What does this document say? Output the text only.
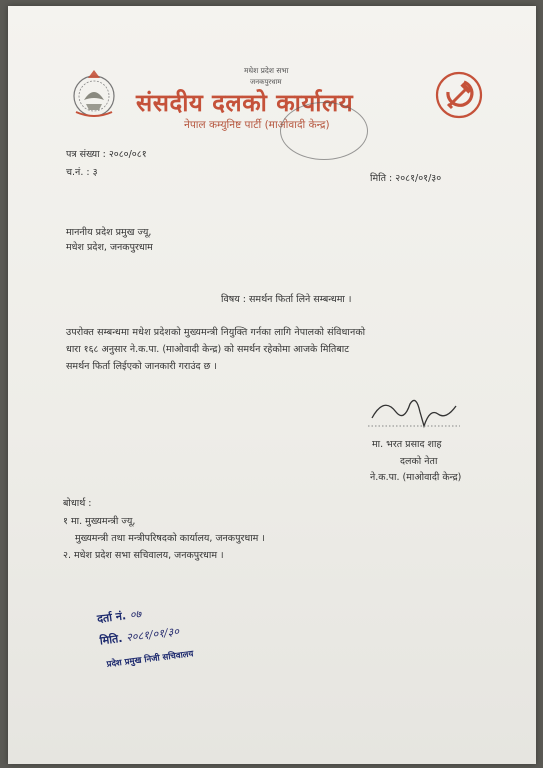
मधेश प्रदेश सभा
जनकपुरधाम
संसदीय दलको कार्यालय
नेपाल कम्युनिष्ट पार्टी (माओवादी केन्द्र)
पत्र संख्या : २०८०/०८१
च.नं. : ३
मिति : २०८१/०१/३०
माननीय प्रदेश प्रमुख ज्यू,
मधेश प्रदेश, जनकपुरधाम
विषय : समर्थन फिर्ता लिने सम्बन्धमा ।
उपरोक्त सम्बन्धमा मधेश प्रदेशको मुख्यमन्त्री नियुक्ति गर्नका लागि नेपालको संविधानको
धारा १६८ अनुसार ने.क.पा. (माओवादी केन्द्र) को समर्थन रहेकोमा आजके मितिबाट
समर्थन फिर्ता लिईएको जानकारी गराउंद छ ।
मा. भरत प्रसाद शाह
दलको नेता
ने.क.पा. (माओवादी केन्द्र)
बोधार्थ :
१ मा. मुख्यमन्त्री ज्यू,
मुख्यमन्त्री तथा मन्त्रीपरिषदको कार्यालय, जनकपुरधाम ।
२. मधेश प्रदेश सभा सचिवालय, जनकपुरधाम ।
दर्ता नं. ०७
मिति. २०८१/०१/३०
प्रदेश प्रमुख निजी सचिवालय
